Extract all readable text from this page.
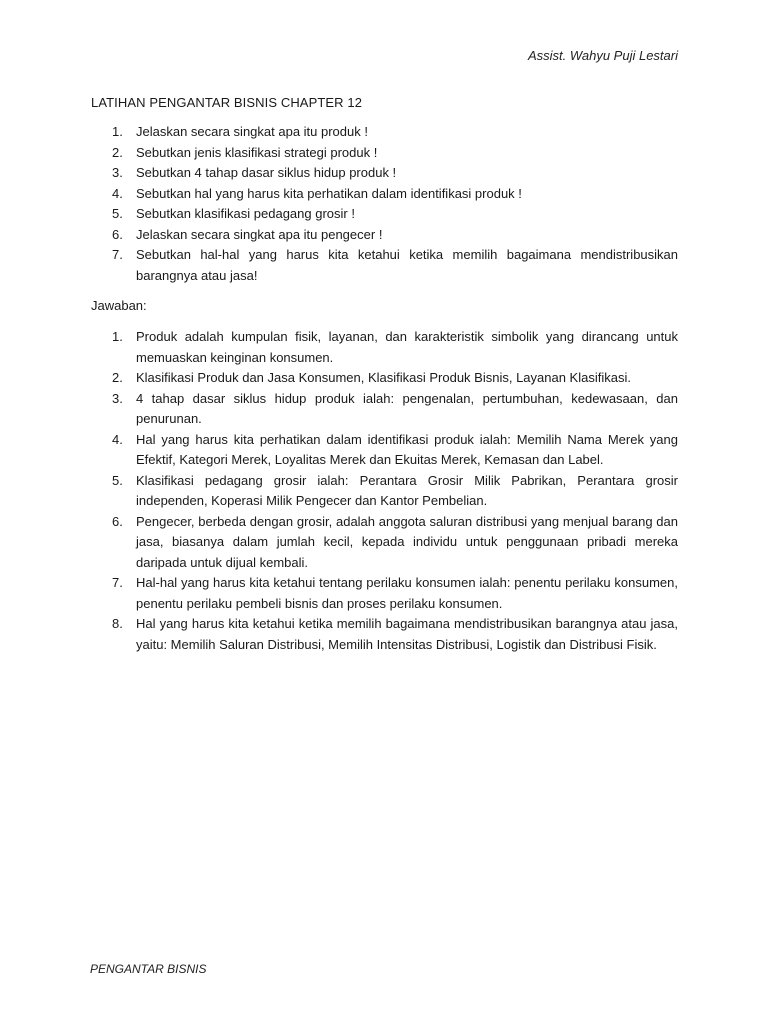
Assist. Wahyu Puji Lestari
LATIHAN PENGANTAR BISNIS CHAPTER 12
1. Jelaskan secara singkat apa itu produk !
2. Sebutkan jenis klasifikasi strategi produk !
3. Sebutkan 4 tahap dasar siklus hidup produk !
4. Sebutkan hal yang harus kita perhatikan dalam identifikasi produk !
5. Sebutkan klasifikasi pedagang grosir !
6. Jelaskan secara singkat apa itu pengecer !
7. Sebutkan hal-hal yang harus kita ketahui ketika memilih bagaimana mendistribusikan barangnya atau jasa!
Jawaban:
1. Produk adalah kumpulan fisik, layanan, dan karakteristik simbolik yang dirancang untuk memuaskan keinginan konsumen.
2. Klasifikasi Produk dan Jasa Konsumen, Klasifikasi Produk Bisnis, Layanan Klasifikasi.
3. 4 tahap dasar siklus hidup produk ialah: pengenalan, pertumbuhan, kedewasaan, dan penurunan.
4. Hal yang harus kita perhatikan dalam identifikasi produk ialah: Memilih Nama Merek yang Efektif, Kategori Merek, Loyalitas Merek dan Ekuitas Merek, Kemasan dan Label.
5. Klasifikasi pedagang grosir ialah: Perantara Grosir Milik Pabrikan, Perantara grosir independen, Koperasi Milik Pengecer dan Kantor Pembelian.
6. Pengecer, berbeda dengan grosir, adalah anggota saluran distribusi yang menjual barang dan jasa, biasanya dalam jumlah kecil, kepada individu untuk penggunaan pribadi mereka daripada untuk dijual kembali.
7. Hal-hal yang harus kita ketahui tentang perilaku konsumen ialah: penentu perilaku konsumen, penentu perilaku pembeli bisnis dan proses perilaku konsumen.
8. Hal yang harus kita ketahui ketika memilih bagaimana mendistribusikan barangnya atau jasa, yaitu: Memilih Saluran Distribusi, Memilih Intensitas Distribusi, Logistik dan Distribusi Fisik.
PENGANTAR BISNIS
